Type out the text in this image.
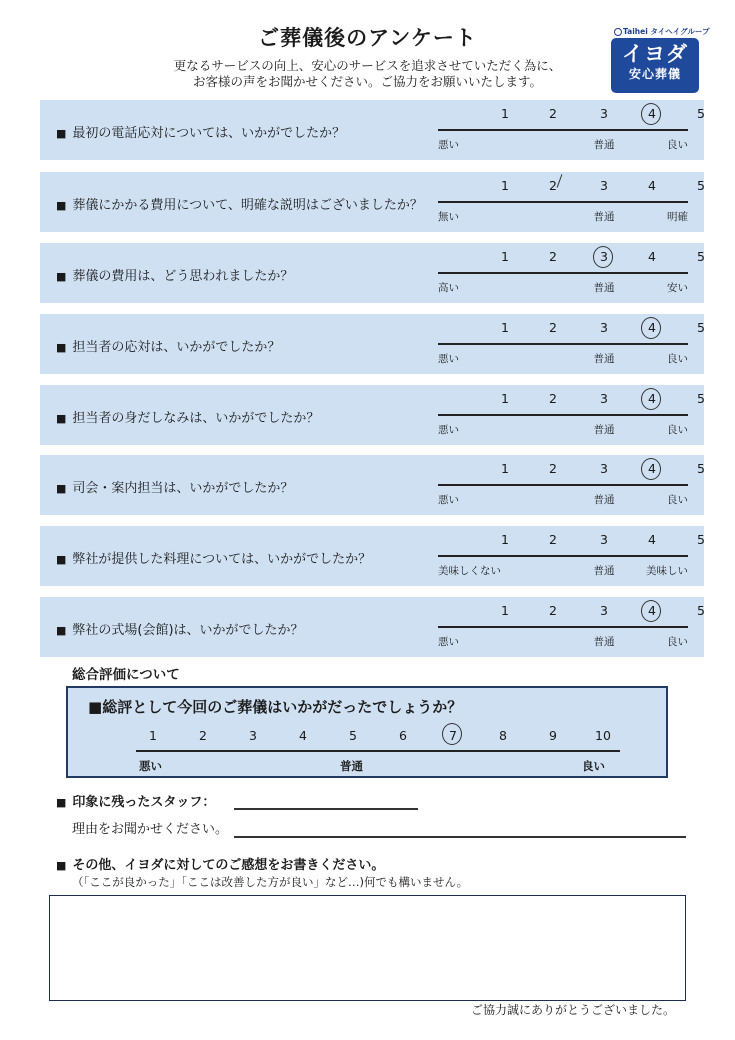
ご葬儀後のアンケート
更なるサービスの向上、安心のサービスを追求させていただく為に、
お客様の声をお聞かせください。ご協力をお願いいたします。
Taihei タイヘイグループ
イヨダ
安心葬儀
■ 最初の電話応対については、いかがでしたか？
1	2	3	4	5
悪い	普通	良い
■ 葬儀にかかる費用について、明確な説明はございましたか？
1	2	3	4	5
無い	普通	明確
■ 葬儀の費用は、どう思われましたか？
1	2	3	4	5
高い	普通	安い
■ 担当者の応対は、いかがでしたか？
1	2	3	4	5
悪い	普通	良い
■ 担当者の身だしなみは、いかがでしたか？
1	2	3	4	5
悪い	普通	良い
■ 司会・案内担当は、いかがでしたか？
1	2	3	4	5
悪い	普通	良い
■ 弊社が提供した料理については、いかがでしたか？
1	2	3	4	5
美味しくない	普通	美味しい
■ 弊社の式場(会館)は、いかがでしたか？
1	2	3	4	5
悪い	普通	良い
総合評価について
■総評として今回のご葬儀はいかがだったでしょうか？
1	2	3	4	5	6	7	8	9	10
悪い	普通	良い
■ 印象に残ったスタッフ：
理由をお聞かせください。
■ その他、イヨダに対してのご感想をお書きください。
（「ここが良かった」「ここは改善した方が良い」など…)何でも構いません。
ご協力誠にありがとうございました。
